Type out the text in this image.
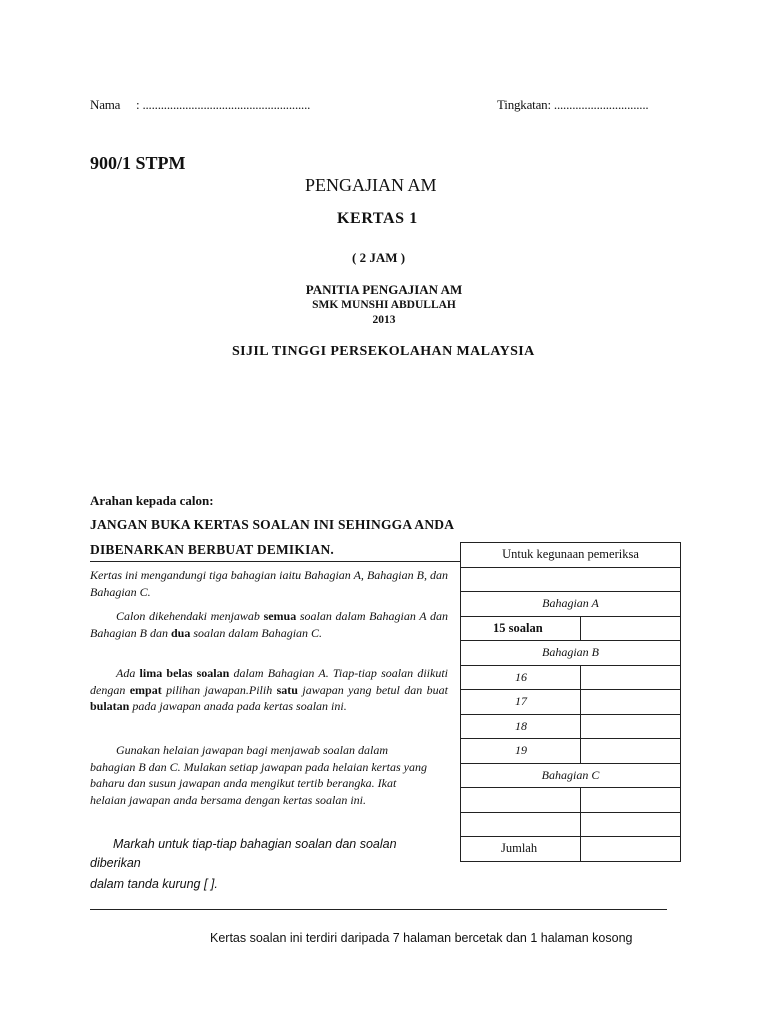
Nama : .......................................................	Tingkatan: ...............................
900/1 STPM
PENGAJIAN AM
KERTAS 1
( 2 JAM )
PANITIA PENGAJIAN AM
SMK MUNSHI ABDULLAH
2013
SIJIL TINGGI PERSEKOLAHAN MALAYSIA
Arahan kepada calon:
JANGAN BUKA KERTAS SOALAN INI SEHINGGA ANDA
DIBENARKAN BERBUAT DEMIKIAN.
Kertas ini mengandungi tiga bahagian iaitu Bahagian A, Bahagian B, dan Bahagian C.
Calon dikehendaki menjawab semua soalan dalam Bahagian A dan Bahagian B dan dua soalan dalam Bahagian C.
Ada lima belas soalan dalam Bahagian A. Tiap-tiap soalan diikuti dengan empat pilihan jawapan.Pilih satu jawapan yang betul dan buat bulatan pada jawapan anada pada kertas soalan ini.
Gunakan helaian jawapan bagi menjawab soalan dalam bahagian B dan C. Mulakan setiap jawapan pada helaian kertas yang baharu dan susun jawapan anda mengikut tertib berangka. Ikat helaian jawapan anda bersama dengan kertas soalan ini.
Markah untuk tiap-tiap bahagian soalan dan soalan
diberikan
dalam tanda kurung [ ].
Untuk kegunaan pemeriksa	

Bahagian A	
15 soalan	
Bahagian B	
16	
17	
18	
19	
Bahagian C	

Jumlah	
Kertas soalan ini terdiri daripada 7 halaman bercetak dan 1 halaman kosong
